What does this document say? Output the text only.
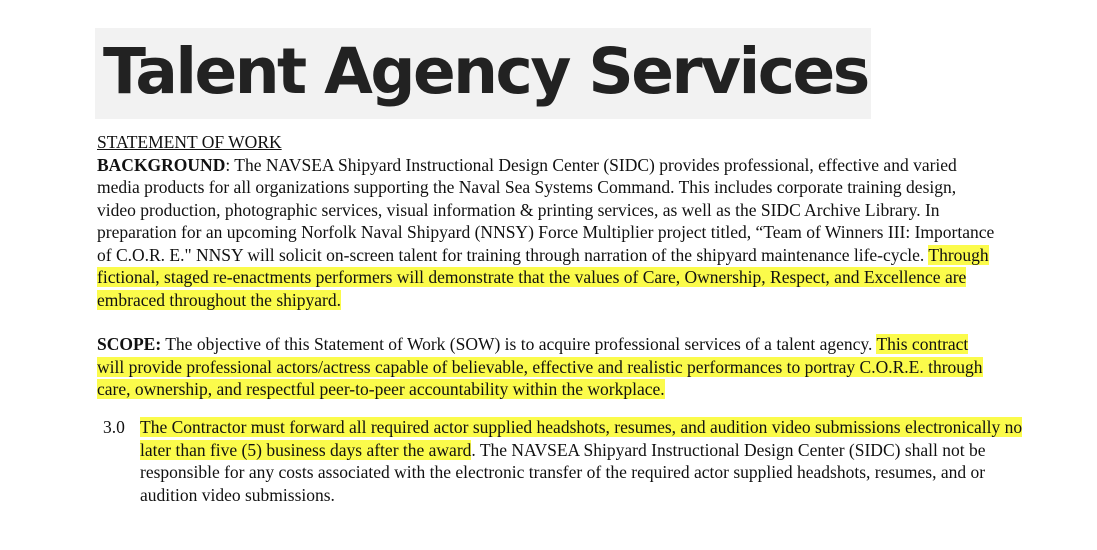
Talent Agency Services

STATEMENT OF WORK

BACKGROUND: The NAVSEA Shipyard Instructional Design Center (SIDC) provides professional, effective and varied media products for all organizations supporting the Naval Sea Systems Command. This includes corporate training design, video production, photographic services, visual information & printing services, as well as the SIDC Archive Library. In preparation for an upcoming Norfolk Naval Shipyard (NNSY) Force Multiplier project titled, “Team of Winners III: Importance of C.O.R. E." NNSY will solicit on-screen talent for training through narration of the shipyard maintenance life-cycle. Through fictional, staged re-enactments performers will demonstrate that the values of Care, Ownership, Respect, and Excellence are embraced throughout the shipyard.

SCOPE: The objective of this Statement of Work (SOW) is to acquire professional services of a talent agency. This contract will provide professional actors/actress capable of believable, effective and realistic performances to portray C.O.R.E. through care, ownership, and respectful peer-to-peer accountability within the workplace.

3.0 The Contractor must forward all required actor supplied headshots, resumes, and audition video submissions electronically no later than five (5) business days after the award. The NAVSEA Shipyard Instructional Design Center (SIDC) shall not be responsible for any costs associated with the electronic transfer of the required actor supplied headshots, resumes, and or audition video submissions.
